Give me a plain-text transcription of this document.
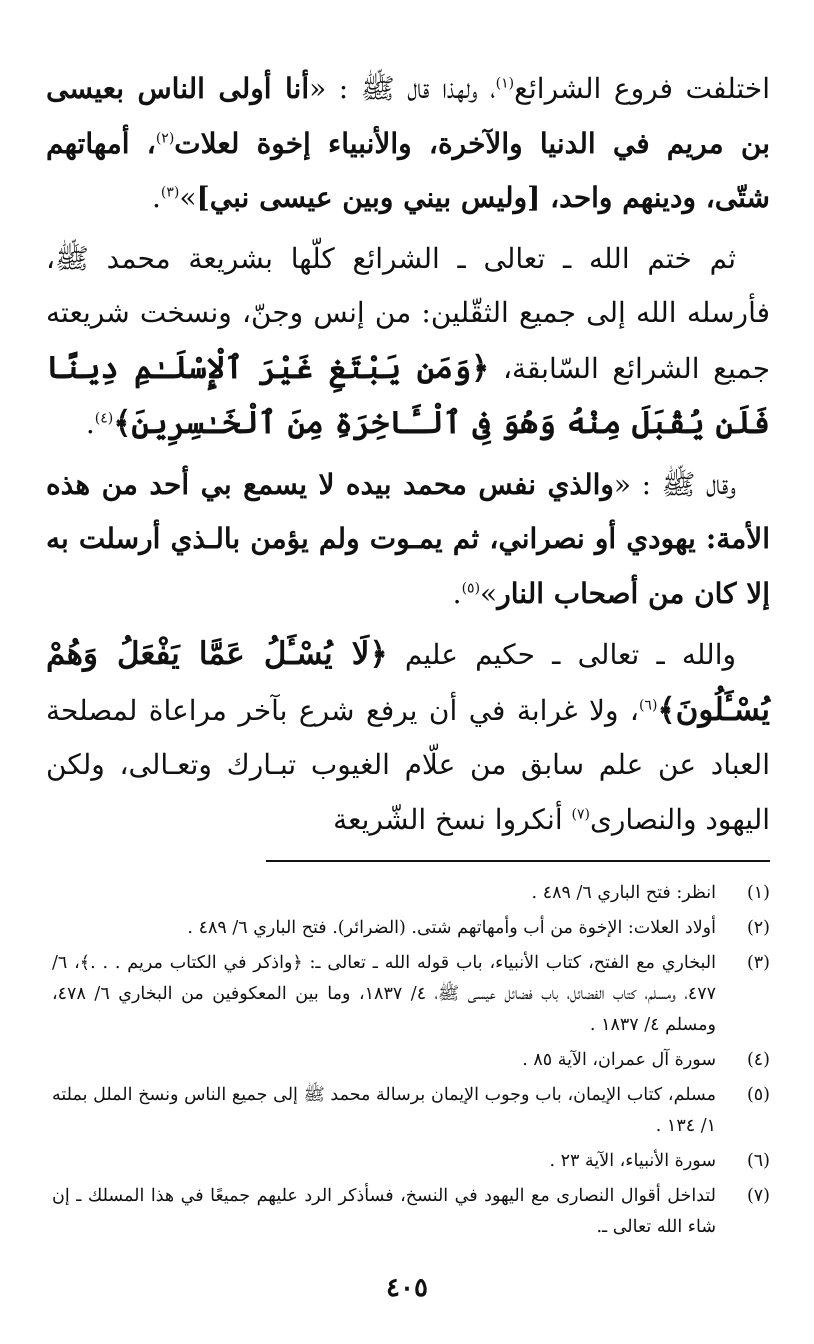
اختلفت فروع الشرائع$^{(١)}$، ولهذا قال ﷺ : «أنا أولى الناس بعيسى بن مريم في الدنيا والآخرة، والأنبياء إخوة لعلات$^{(٢)}$، أمهاتهم شتّى، ودينهم واحد، [وليس بيني وبين عيسى نبي]»$^{(٣)}$.

ثم ختم الله ـ تعالى ـ الشرائع كلّها بشريعة محمد ﷺ، فأرسله الله إلى جميع الثقّلين: من إنس وجنّ، ونسخت شريعته جميع الشرائع السّابقة، ﴿وَمَن يَبْتَغِ غَيْرَ ٱلْإِسْلَـٰمِ دِينًا فَلَن يُقْبَلَ مِنْهُ وَهُوَ فِى ٱلْـَٔاخِرَةِ مِنَ ٱلْخَـٰسِرِينَ﴾$^{(٤)}$.

وقال ﷺ : «والذي نفس محمد بيده لا يسمع بي أحد من هذه الأمة: يهودي أو نصراني، ثم يمـوت ولم يؤمن بالـذي أرسلت به إلا كان من أصحاب النار»$^{(٥)}$.

والله ـ تعالى ـ حكيم عليم ﴿لَا يُسْـَٔلُ عَمَّا يَفْعَلُ وَهُمْ يُسْـَٔلُونَ﴾$^{(٦)}$، ولا غرابة في أن يرفع شرع بآخر مراعاة لمصلحة العباد عن علم سابق من علّام الغيوب تبـارك وتعـالى، ولكن اليهود والنصارى$^{(٧)}$ أنكروا نسخ الشّريعة

(١)
انظر: فتح الباري ٦/ ٤٨٩ .
(٢)
أولاد العلات: الإخوة من أب وأمهاتهم شتى. (الضرائر). فتح الباري ٦/ ٤٨٩ .
(٣)
البخاري مع الفتح، كتاب الأنبياء، باب قوله الله ـ تعالى ـ: ﴿واذكر في الكتاب مريم . . .﴾، ٦/ ٤٧٧، ومسلم، كتاب الفضائل، باب فضائل عيسى ﷺ، ٤/ ١٨٣٧، وما بين المعكوفين من البخاري ٦/ ٤٧٨، ومسلم ٤/ ١٨٣٧ .
(٤)
سورة آل عمران، الآية ٨٥ .
(٥)
مسلم، كتاب الإيمان، باب وجوب الإيمان برسالة محمد ﷺ إلى جميع الناس ونسخ الملل بملته ١/ ١٣٤ .
(٦)
سورة الأنبياء، الآية ٢٣ .
(٧)
لتداخل أقوال النصارى مع اليهود في النسخ، فسأذكر الرد عليهم جميعًا في هذا المسلك ـ إن شاء الله تعالى ـ.
٤٠٥
